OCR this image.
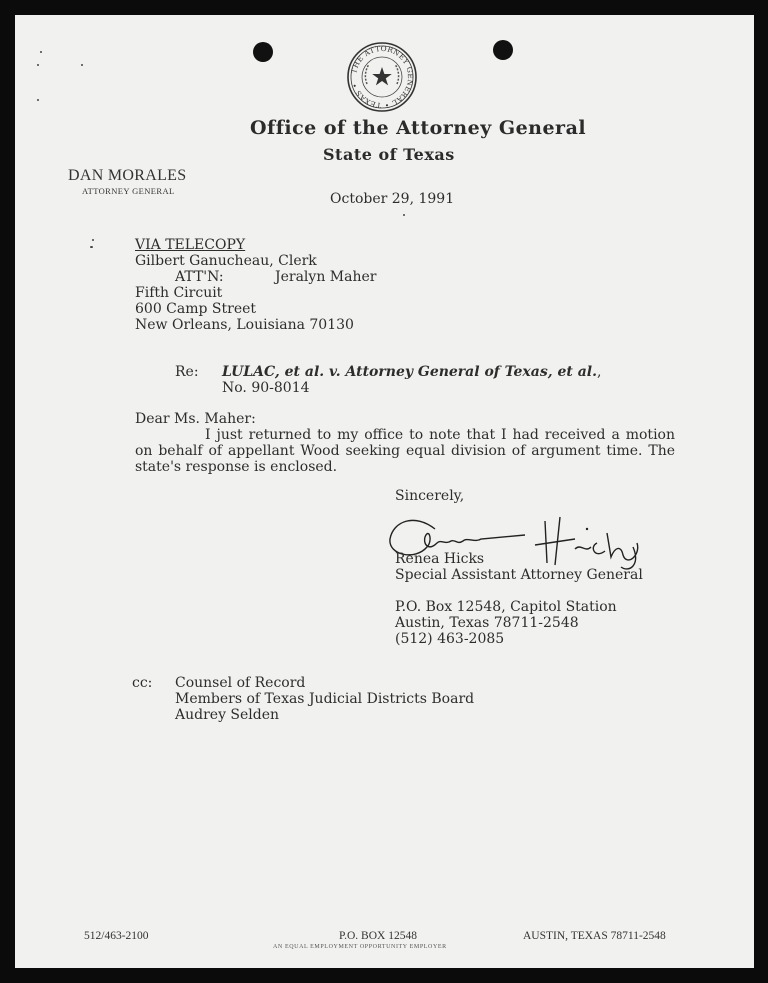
THE ATTORNEY GENERAL • TEXAS •
Office of the Attorney General
State of Texas
DAN MORALES
ATTORNEY GENERAL	October 29, 1991
VIA TELECOPY
Gilbert Ganucheau, Clerk
ATT'N:	Jeralyn Maher
Fifth Circuit
600 Camp Street
New Orleans, Louisiana 70130
Re: LULAC, et al. v. Attorney General of Texas, et al.,
No. 90-8014
Dear Ms. Maher:

I just returned to my office to note that I had received a motion on behalf of appellant Wood seeking equal division of argument time. The state's response is enclosed.

Sincerely,
Renea Hicks
Special Assistant Attorney General
P.O. Box 12548, Capitol Station
Austin, Texas 78711-2548
(512) 463-2085
cc: Counsel of Record
Members of Texas Judicial Districts Board
Audrey Selden
512/463-2100	P.O. BOX 12548	AUSTIN, TEXAS 78711-2548
AN EQUAL EMPLOYMENT OPPORTUNITY EMPLOYER
